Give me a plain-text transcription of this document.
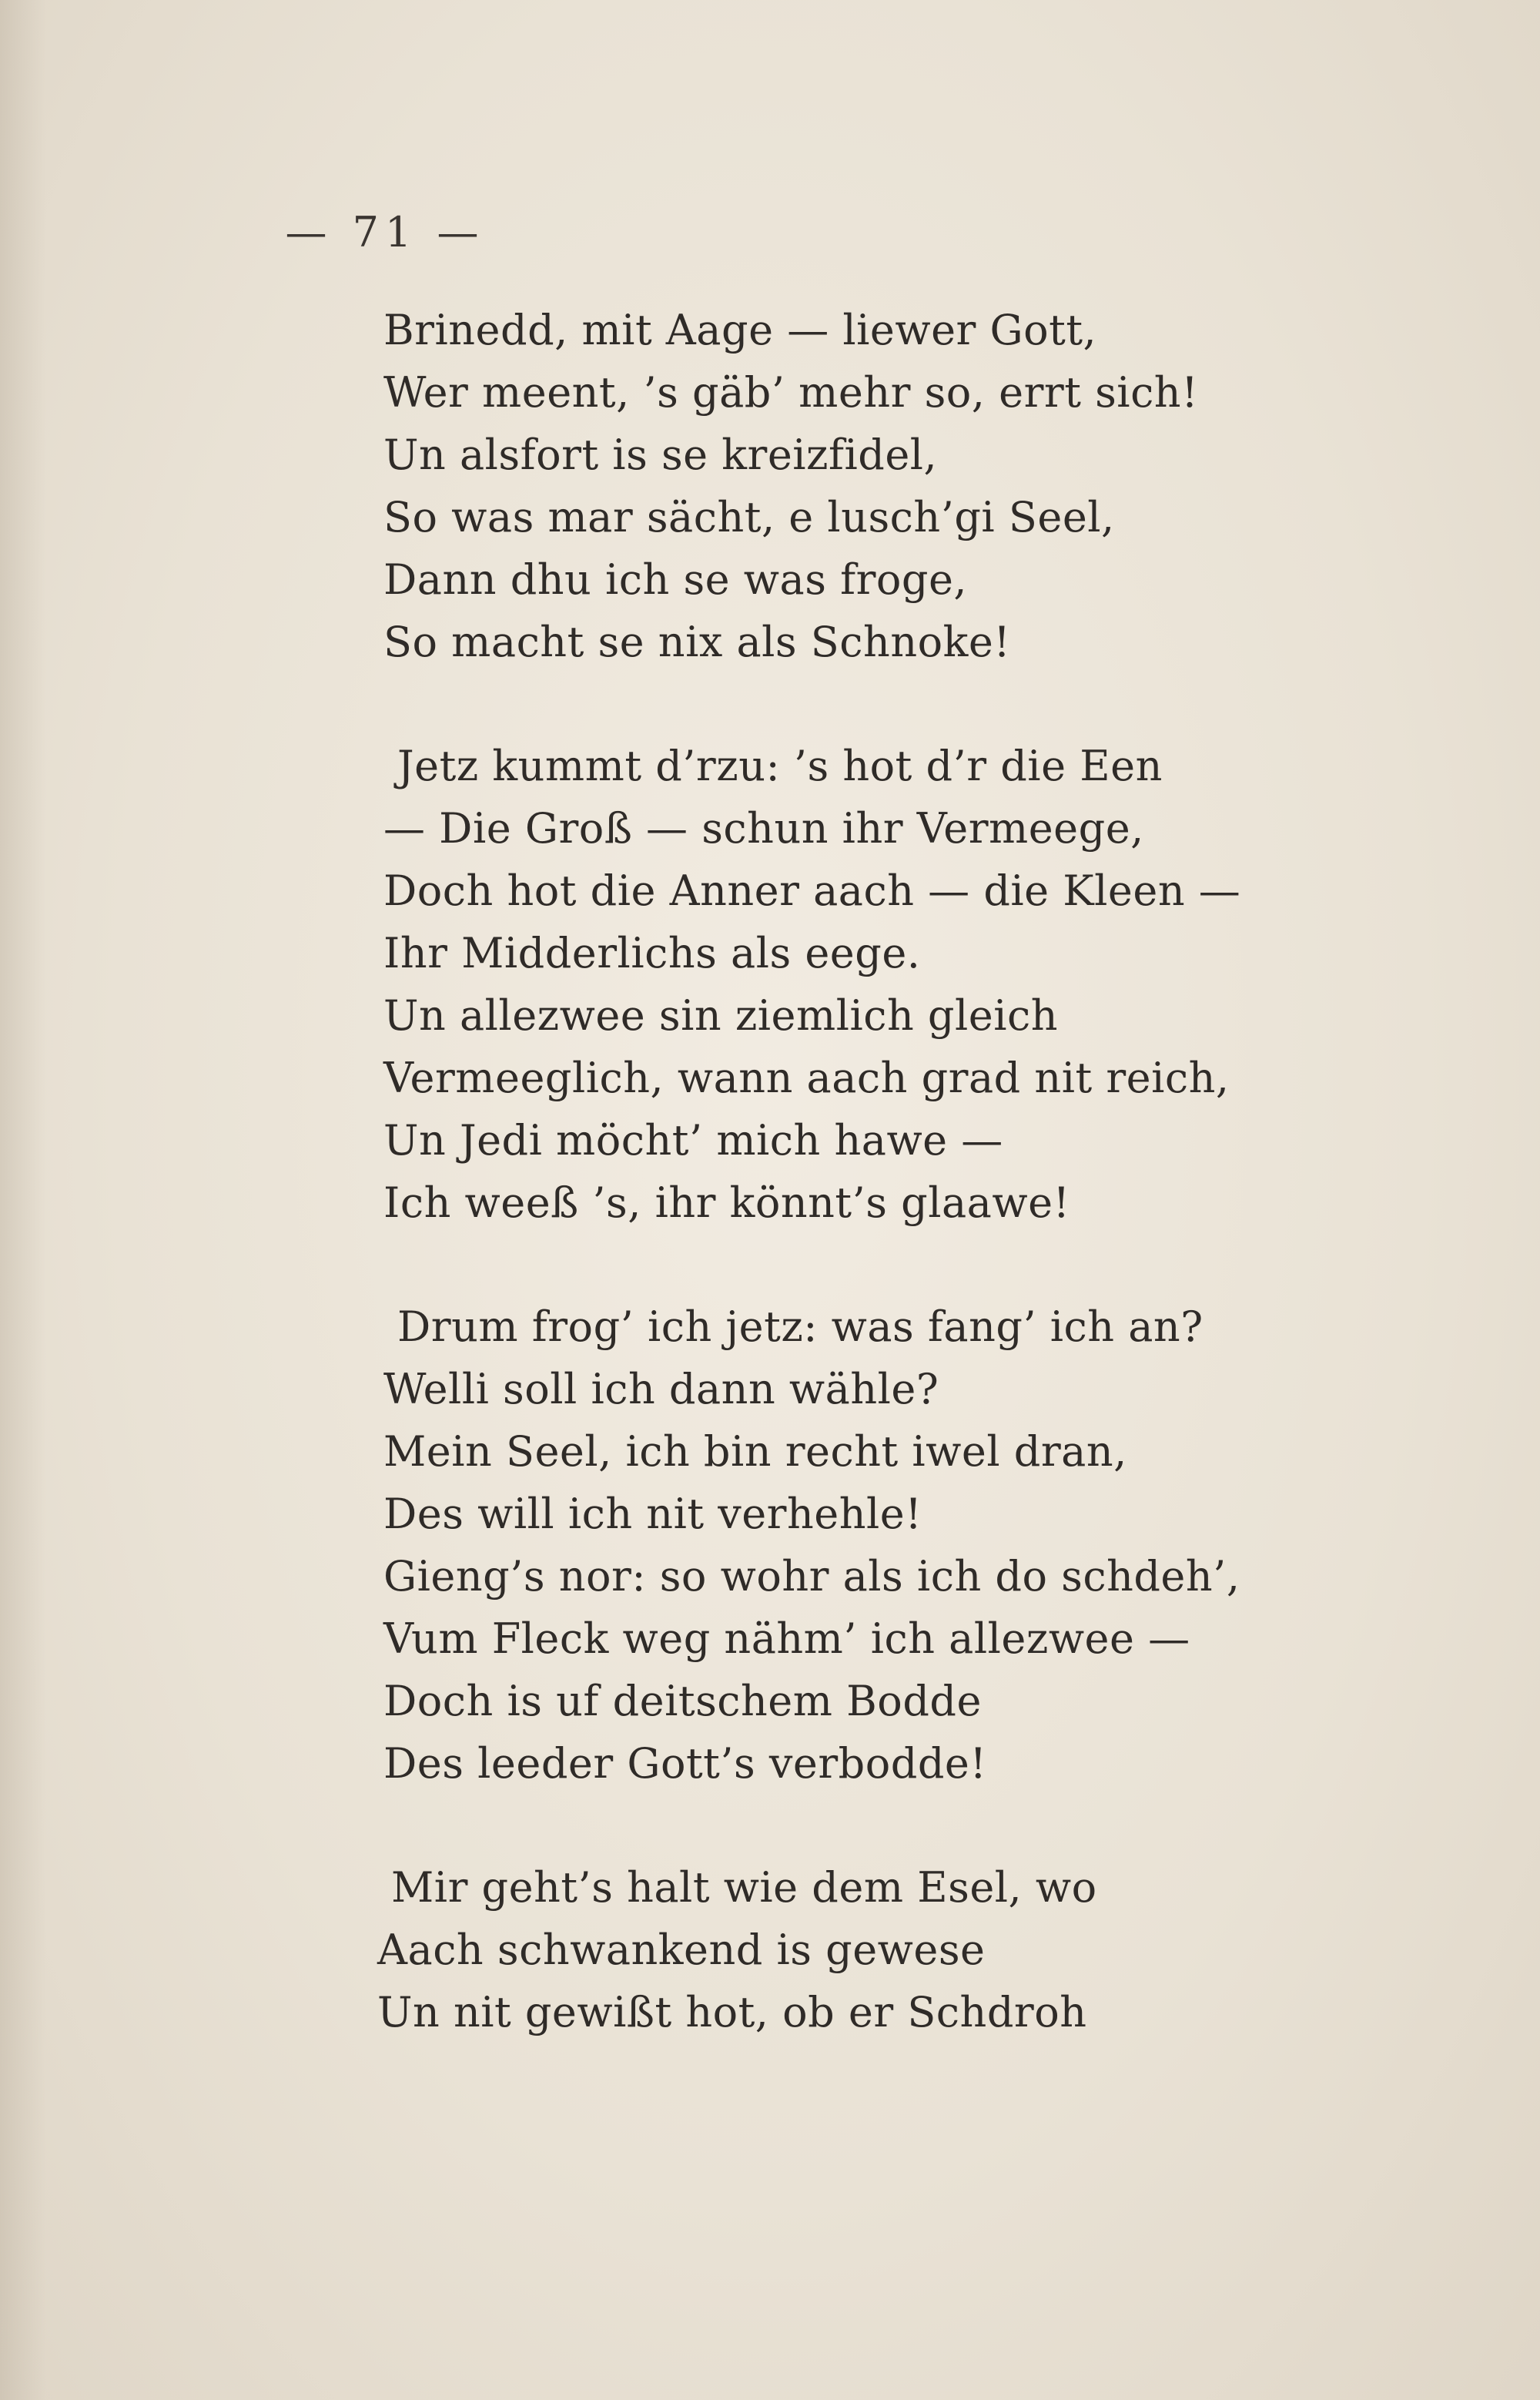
— 71 —
Brinedd, mit Aage — liewer Gott,
Wer meent, ’s gäb’ mehr so, errt sich!
Un alsfort is se kreizfidel,
So was mar sächt, e lusch’gi Seel,
Dann dhu ich se was froge,
So macht se nix als Schnoke!
Jetz kummt d’rzu: ’s hot d’r die Een
— Die Groß — schun ihr Vermeege,
Doch hot die Anner aach — die Kleen —
Ihr Midderlichs als eege.
Un allezwee sin ziemlich gleich
Vermeeglich, wann aach grad nit reich,
Un Jedi möcht’ mich hawe —
Ich weeß ’s, ihr könnt’s glaawe!
Drum frog’ ich jetz: was fang’ ich an?
Welli soll ich dann wähle?
Mein Seel, ich bin recht iwel dran,
Des will ich nit verhehle!
Gieng’s nor: so wohr als ich do schdeh’,
Vum Fleck weg nähm’ ich allezwee —
Doch is uf deitschem Bodde
Des leeder Gott’s verbodde!
Mir geht’s halt wie dem Esel, wo
Aach schwankend is gewese
Un nit gewißt hot, ob er Schdroh
